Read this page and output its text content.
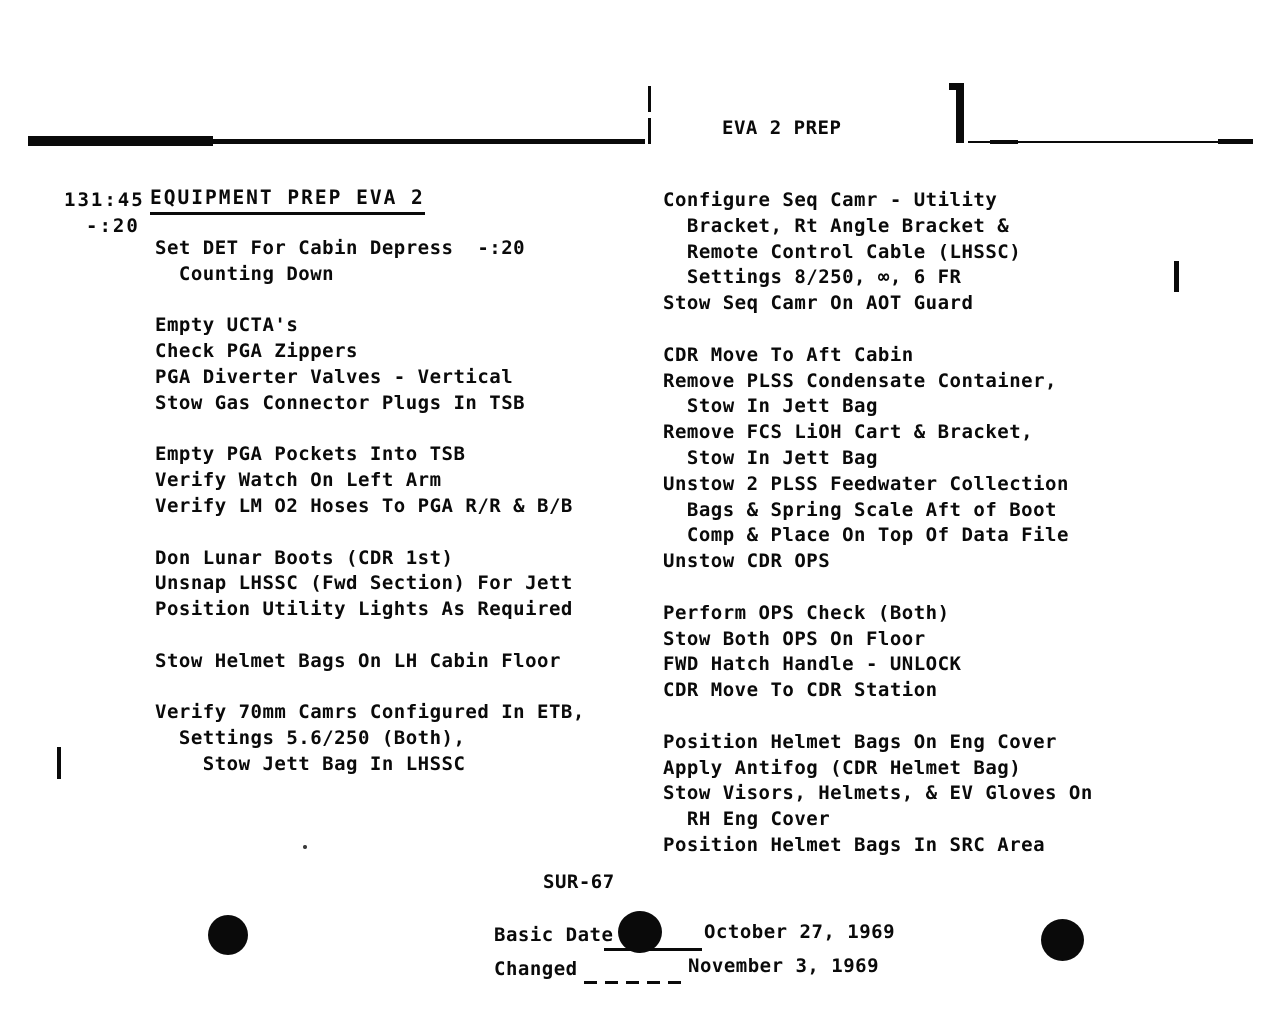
EVA 2 PREP
131:45 EQUIPMENT PREP EVA 2
-:20
Set DET For Cabin Depress  -:20
Counting Down

Empty UCTA's
Check PGA Zippers
PGA Diverter Valves - Vertical
Stow Gas Connector Plugs In TSB

Empty PGA Pockets Into TSB
Verify Watch On Left Arm
Verify LM O2 Hoses To PGA R/R & B/B

Don Lunar Boots (CDR 1st)
Unsnap LHSSC (Fwd Section) For Jett
Position Utility Lights As Required

Stow Helmet Bags On LH Cabin Floor

Verify 70mm Camrs Configured In ETB,
Settings 5.6/250 (Both),
Stow Jett Bag In LHSSC
Configure Seq Camr - Utility
Bracket, Rt Angle Bracket &
Remote Control Cable (LHSSC)
Settings 8/250, ∞, 6 FR
Stow Seq Camr On AOT Guard

CDR Move To Aft Cabin
Remove PLSS Condensate Container,
Stow In Jett Bag
Remove FCS LiOH Cart & Bracket,
Stow In Jett Bag
Unstow 2 PLSS Feedwater Collection
Bags & Spring Scale Aft of Boot
Comp & Place On Top Of Data File
Unstow CDR OPS

Perform OPS Check (Both)
Stow Both OPS On Floor
FWD Hatch Handle - UNLOCK
CDR Move To CDR Station

Position Helmet Bags On Eng Cover
Apply Antifog (CDR Helmet Bag)
Stow Visors, Helmets, & EV Gloves On
RH Eng Cover
Position Helmet Bags In SRC Area
SUR-67
Basic Date	October 27, 1969
Changed	November 3, 1969
